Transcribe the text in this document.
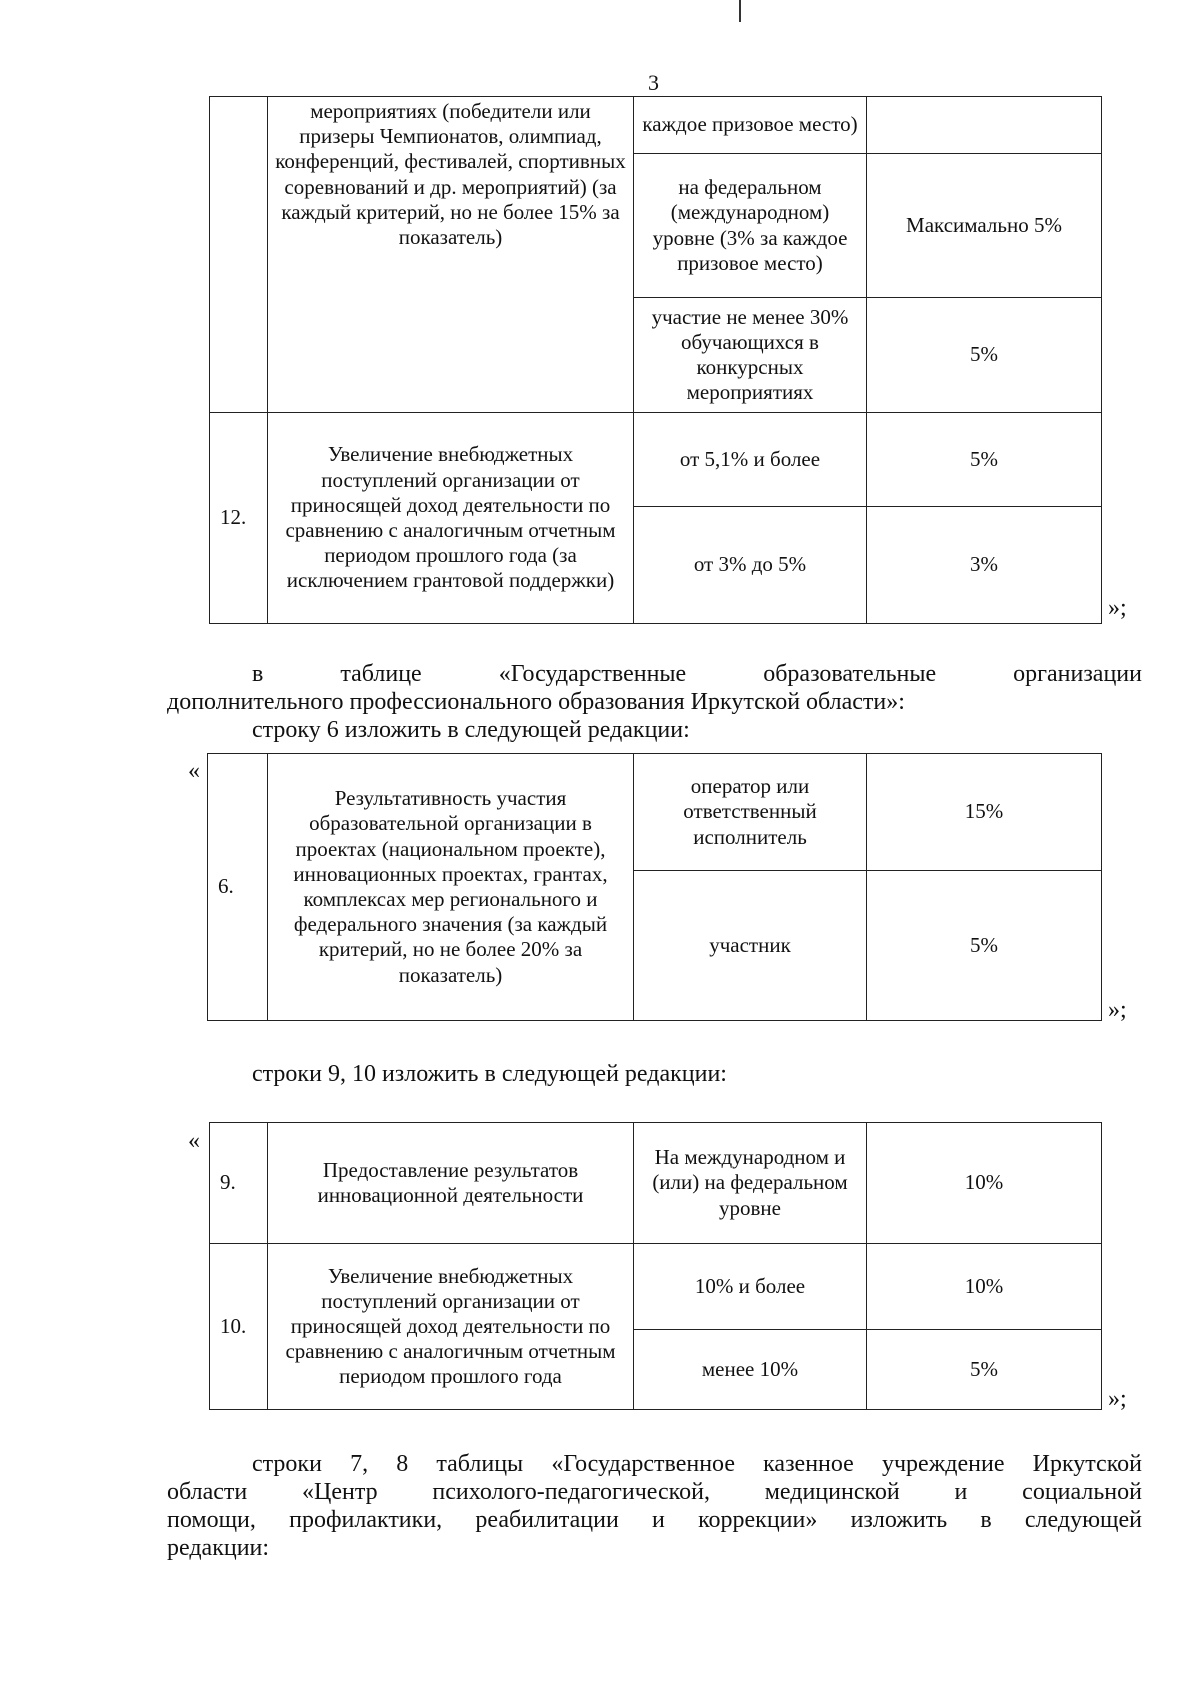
3
	мероприятиях (победители или призеры Чемпионатов, олимпиад, конференций, фестивалей, спортивных соревнований и др. мероприятий) (за каждый критерий, но не более 15% за показатель)	каждое призовое место)	
		на федеральном (международном) уровне (3% за каждое призовое место)	Максимально 5%
		участие не менее 30% обучающихся в конкурсных мероприятиях	5%
12.	Увеличение внебюджетных поступлений организации от приносящей доход деятельности по сравнению с аналогичным отчетным периодом прошлого года (за исключением грантовой поддержки)	от 5,1% и более	5%
		от 3% до 5%	3%
»;
в таблице «Государственные образовательные организации
дополнительного профессионального образования Иркутской области»:
строку 6 изложить в следующей редакции:
«
6.	Результативность участия образовательной организации в проектах (национальном проекте), инновационных проектах, грантах, комплексах мер регионального и федерального значения (за каждый критерий, но не более 20% за показатель)	оператор или ответственный исполнитель	15%
		участник	5%
»;
строки 9, 10 изложить в следующей редакции:
«
9.	Предоставление результатов инновационной деятельности	На международном и (или) на федеральном уровне	10%
10.	Увеличение внебюджетных поступлений организации от приносящей доход деятельности по сравнению с аналогичным отчетным периодом прошлого года	10% и более	10%
		менее 10%	5%
»;
строки 7, 8 таблицы «Государственное казенное учреждение Иркутской
области «Центр психолого-педагогической, медицинской и социальной
помощи, профилактики, реабилитации и коррекции» изложить в следующей
редакции:
